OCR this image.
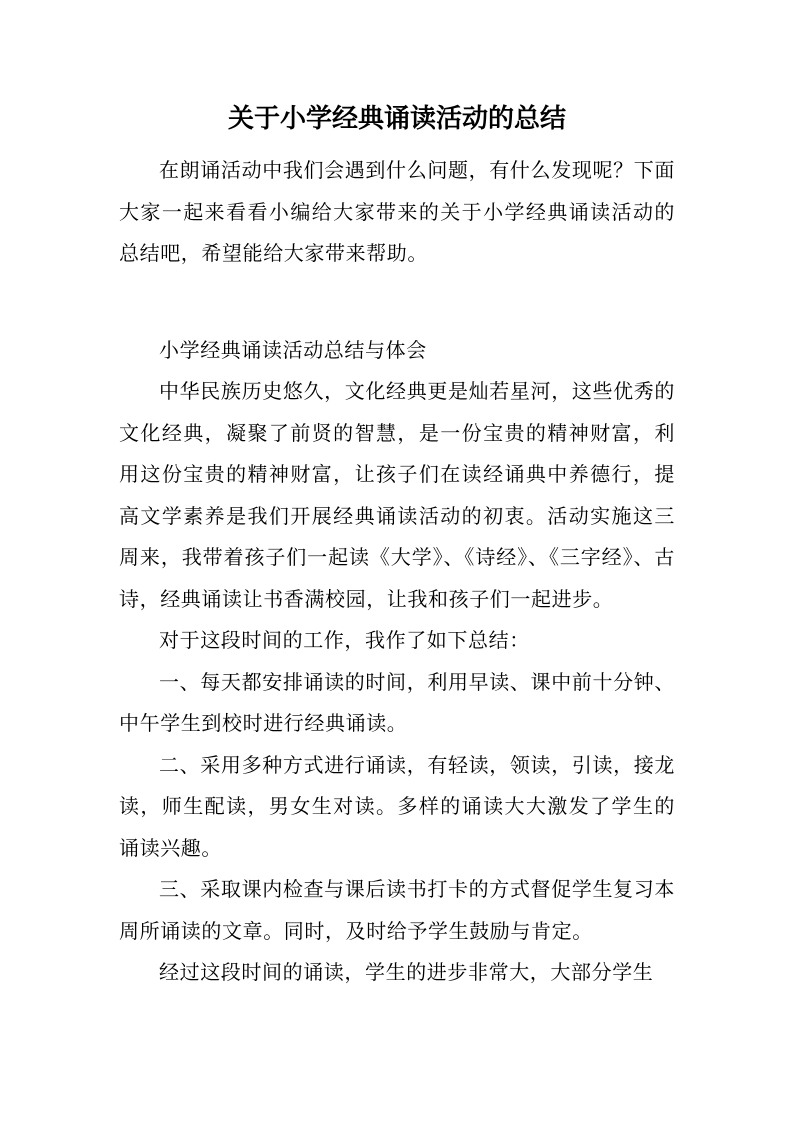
关于小学经典诵读活动的总结

在朗诵活动中我们会遇到什么问题，有什么发现呢？下面大家一起来看看小编给大家带来的关于小学经典诵读活动的总结吧，希望能给大家带来帮助。

小学经典诵读活动总结与体会

中华民族历史悠久，文化经典更是灿若星河，这些优秀的文化经典，凝聚了前贤的智慧，是一份宝贵的精神财富，利用这份宝贵的精神财富，让孩子们在读经诵典中养德行，提高文学素养是我们开展经典诵读活动的初衷。活动实施这三周来，我带着孩子们一起读《大学》、《诗经》、《三字经》、古诗，经典诵读让书香满校园，让我和孩子们一起进步。

对于这段时间的工作，我作了如下总结：

一、每天都安排诵读的时间，利用早读、课中前十分钟、中午学生到校时进行经典诵读。

二、采用多种方式进行诵读，有轻读，领读，引读，接龙读，师生配读，男女生对读。多样的诵读大大激发了学生的诵读兴趣。

三、采取课内检查与课后读书打卡的方式督促学生复习本周所诵读的文章。同时，及时给予学生鼓励与肯定。

经过这段时间的诵读，学生的进步非常大，大部分学生
